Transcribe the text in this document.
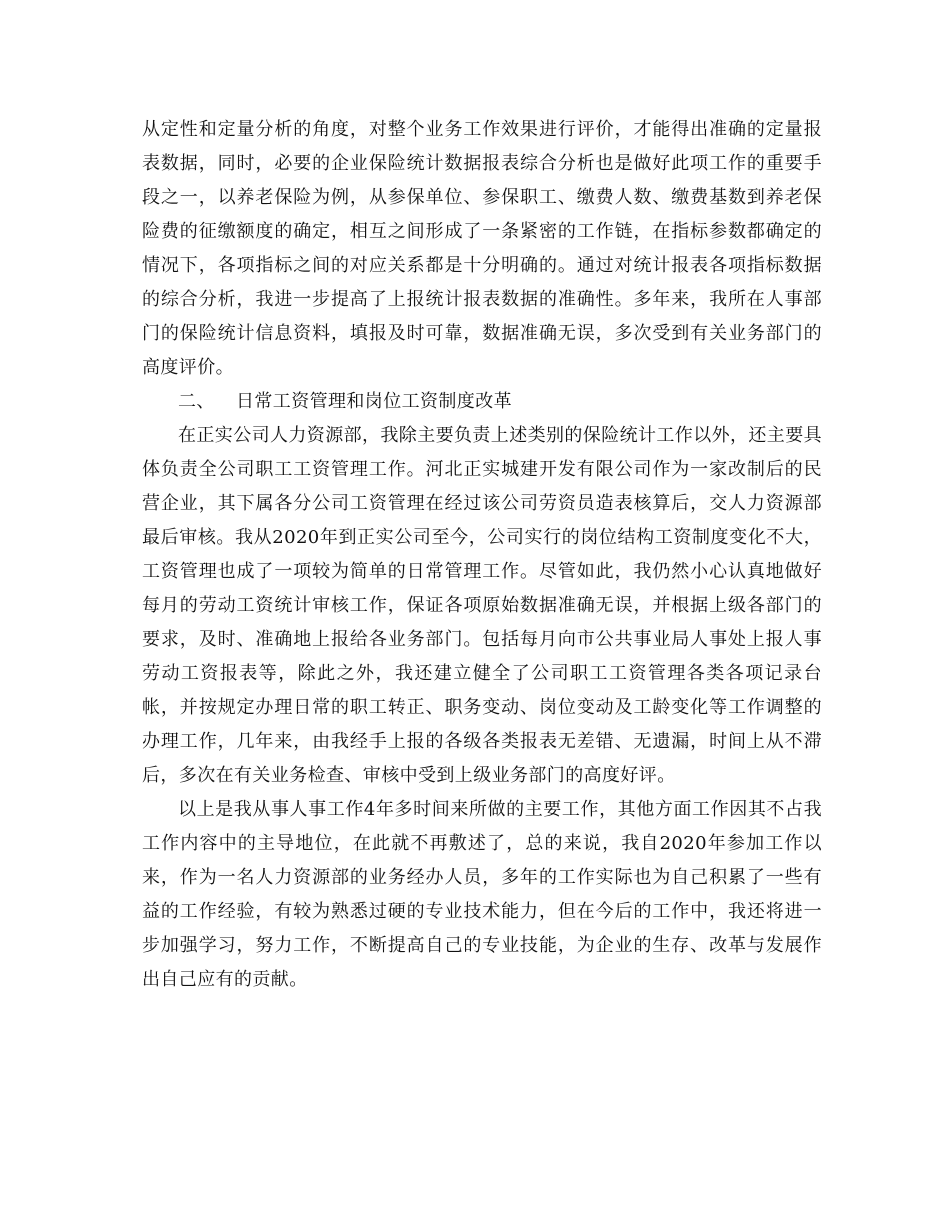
从定性和定量分析的角度，对整个业务工作效果进行评价，才能得出准确的定量报表数据，同时，必要的企业保险统计数据报表综合分析也是做好此项工作的重要手段之一，以养老保险为例，从参保单位、参保职工、缴费人数、缴费基数到养老保险费的征缴额度的确定，相互之间形成了一条紧密的工作链，在指标参数都确定的情况下，各项指标之间的对应关系都是十分明确的。通过对统计报表各项指标数据的综合分析，我进一步提高了上报统计报表数据的准确性。多年来，我所在人事部门的保险统计信息资料，填报及时可靠，数据准确无误，多次受到有关业务部门的高度评价。

二、 日常工资管理和岗位工资制度改革

在正实公司人力资源部，我除主要负责上述类别的保险统计工作以外，还主要具体负责全公司职工工资管理工作。河北正实城建开发有限公司作为一家改制后的民营企业，其下属各分公司工资管理在经过该公司劳资员造表核算后，交人力资源部最后审核。我从2020年到正实公司至今，公司实行的岗位结构工资制度变化不大，工资管理也成了一项较为简单的日常管理工作。尽管如此，我仍然小心认真地做好每月的劳动工资统计审核工作，保证各项原始数据准确无误，并根据上级各部门的要求，及时、准确地上报给各业务部门。包括每月向市公共事业局人事处上报人事劳动工资报表等，除此之外，我还建立健全了公司职工工资管理各类各项记录台帐，并按规定办理日常的职工转正、职务变动、岗位变动及工龄变化等工作调整的办理工作，几年来，由我经手上报的各级各类报表无差错、无遗漏，时间上从不滞后，多次在有关业务检查、审核中受到上级业务部门的高度好评。

以上是我从事人事工作4年多时间来所做的主要工作，其他方面工作因其不占我工作内容中的主导地位，在此就不再敷述了，总的来说，我自2020年参加工作以来，作为一名人力资源部的业务经办人员，多年的工作实际也为自己积累了一些有益的工作经验，有较为熟悉过硬的专业技术能力，但在今后的工作中，我还将进一步加强学习，努力工作，不断提高自己的专业技能，为企业的生存、改革与发展作出自己应有的贡献。
